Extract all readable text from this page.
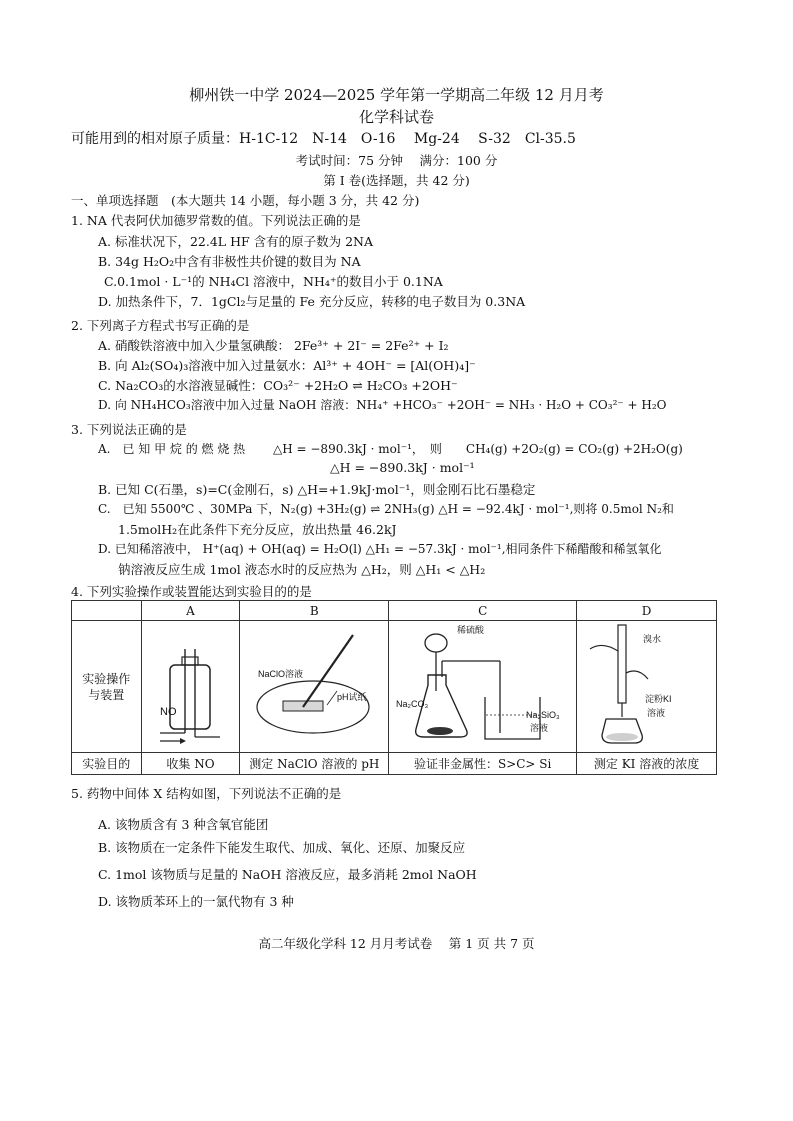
柳州铁一中学 2024—2025 学年第一学期高二年级 12 月月考
化学科试卷
可能用到的相对原子质量：H-1C-12　N-14　O-16　 Mg-24　 S-32　Cl-35.5
考试时间：75 分钟　 满分：100 分
第 I 卷(选择题，共 42 分)
一、单项选择题　(本大题共 14 小题，每小题 3 分，共 42 分)
1. NA 代表阿伏加德罗常数的值。下列说法正确的是
A. 标准状况下，22.4L HF 含有的原子数为 2NA
B. 34g H₂O₂中含有非极性共价键的数目为 NA
C.0.1mol · L⁻¹的 NH₄Cl 溶液中，NH₄⁺的数目小于 0.1NA
D. 加热条件下，7．1gCl₂与足量的 Fe 充分反应，转移的电子数目为 0.3NA
2. 下列离子方程式书写正确的是
A. 硝酸铁溶液中加入少量氢碘酸： 2Fe³⁺ + 2I⁻ = 2Fe²⁺ + I₂
B. 向 Al₂(SO₄)₃溶液中加入过量氨水：Al³⁺ + 4OH⁻ = [Al(OH)₄]⁻
C. Na₂CO₃的水溶液显碱性：CO₃²⁻ +2H₂O ⇌ H₂CO₃ +2OH⁻
D. 向 NH₄HCO₃溶液中加入过量 NaOH 溶液：NH₄⁺ +HCO₃⁻ +2OH⁻ = NH₃ · H₂O + CO₃²⁻ + H₂O
3. 下列说法正确的是
A.　已 知 甲 烷 的 燃 烧 热　　 △H = −890.3kJ · mol⁻¹，　则　　CH₄(g) +2O₂(g) = CO₂(g) +2H₂O(g)
△H = −890.3kJ · mol⁻¹
B. 已知 C(石墨，s)=C(金刚石，s) △H=+1.9kJ·mol⁻¹，则金刚石比石墨稳定
C.　已知 5500℃ 、30MPa 下，N₂(g) +3H₂(g) ⇌ 2NH₃(g) △H = −92.4kJ · mol⁻¹,则将 0.5mol N₂和
1.5molH₂在此条件下充分反应，放出热量 46.2kJ
D. 已知稀溶液中， H⁺(aq) + OH(aq) = H₂O(l) △H₁ = −57.3kJ · mol⁻¹,相同条件下稀醋酸和稀氢氧化
钠溶液反应生成 1mol 液态水时的反应热为 △H₂，则 △H₁ < △H₂
4. 下列实验操作或装置能达到实验目的的是
	A	B	C	D
实验操作与装置				
实验目的	收集 NO	测定 NaClO 溶液的 pH	验证非金属性：S>C> Si	测定 KI 溶液的浓度
NO
NaClO溶液
pH试纸
稀硫酸
Na₂CO₃
Na₂SiO₃
溶液
溴水
淀粉KI
溶液
5. 药物中间体 X 结构如图，下列说法不正确的是
A. 该物质含有 3 种含氧官能团
B. 该物质在一定条件下能发生取代、加成、氧化、还原、加聚反应
C. 1mol 该物质与足量的 NaOH 溶液反应，最多消耗 2mol NaOH
D. 该物质苯环上的一氯代物有 3 种
高二年级化学科 12 月月考试卷　 第 1 页 共 7 页
